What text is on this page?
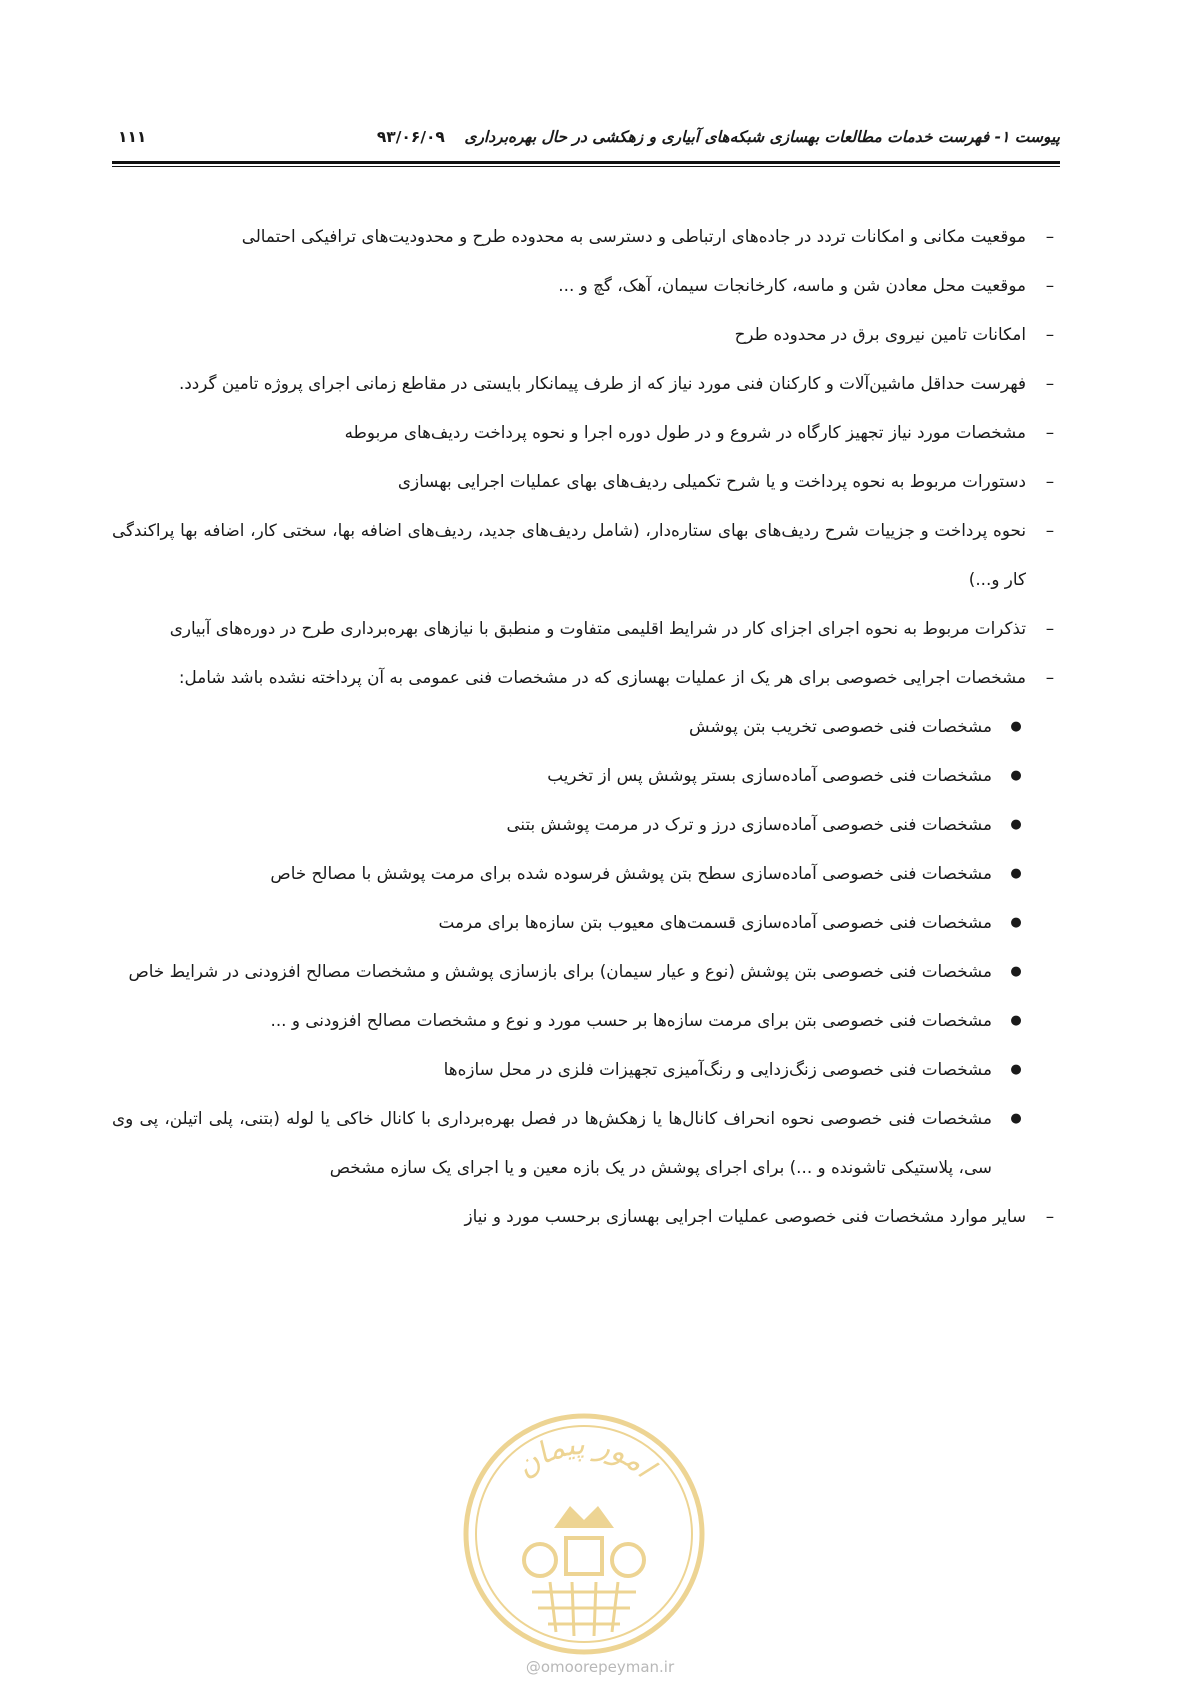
پیوست ۱- فهرست خدمات مطالعات بهسازی شبکه‌های آبیاری و زهکشی در حال بهره‌برداری ۹۳/۰۶/۰۹
۱۱۱
–
موقعیت مکانی و امکانات تردد در جاده‌های ارتباطی و دسترسی به محدوده طرح و محدودیت‌های ترافیکی احتمالی
–
موقعیت محل معادن شن و ماسه، کارخانجات سیمان، آهک، گچ و ...
–
امکانات تامین نیروی برق در محدوده طرح
–
فهرست حداقل ماشین‌آلات و کارکنان فنی مورد نیاز که از طرف پیمانکار بایستی در مقاطع زمانی اجرای پروژه تامین گردد.
–
مشخصات مورد نیاز تجهیز کارگاه در شروع و در طول دوره اجرا و نحوه پرداخت ردیف‌های مربوطه
–
دستورات مربوط به نحوه پرداخت و یا شرح تکمیلی ردیف‌های بهای عملیات اجرایی بهسازی
–
نحوه پرداخت و جزییات شرح ردیف‌های بهای ستاره‌دار، (شامل ردیف‌های جدید، ردیف‌های اضافه بها، سختی کار، اضافه بها پراکندگی کار و...)
–
تذکرات مربوط به نحوه اجرای اجزای کار در شرایط اقلیمی متفاوت و منطبق با نیازهای بهره‌برداری طرح در دوره‌های آبیاری
–
مشخصات اجرایی خصوصی برای هر یک از عملیات بهسازی که در مشخصات فنی عمومی به آن پرداخته نشده باشد شامل:
●
مشخصات فنی خصوصی تخریب بتن پوشش
●
مشخصات فنی خصوصی آماده‌سازی بستر پوشش پس از تخریب
●
مشخصات فنی خصوصی آماده‌سازی درز و ترک در مرمت پوشش بتنی
●
مشخصات فنی خصوصی آماده‌سازی سطح بتن پوشش فرسوده شده برای مرمت پوشش با مصالح خاص
●
مشخصات فنی خصوصی آماده‌سازی قسمت‌های معیوب بتن سازه‌ها برای مرمت
●
مشخصات فنی خصوصی بتن پوشش (نوع و عیار سیمان) برای بازسازی پوشش و مشخصات مصالح افزودنی در شرایط خاص
●
مشخصات فنی خصوصی بتن برای مرمت سازه‌ها بر حسب مورد و نوع و مشخصات مصالح افزودنی و ...
●
مشخصات فنی خصوصی زنگ‌زدایی و رنگ‌آمیزی تجهیزات فلزی در محل سازه‌ها
●
مشخصات فنی خصوصی نحوه انحراف کانال‌ها یا زهکش‌ها در فصل بهره‌برداری با کانال خاکی یا لوله (بتنی، پلی اتیلن، پی وی سی، پلاستیکی تاشونده و ...) برای اجرای پوشش در یک بازه معین و یا اجرای یک سازه مشخص
–
سایر موارد مشخصات فنی خصوصی عملیات اجرایی بهسازی برحسب مورد و نیاز
امور پیمان
@omoorepeyman.ir
